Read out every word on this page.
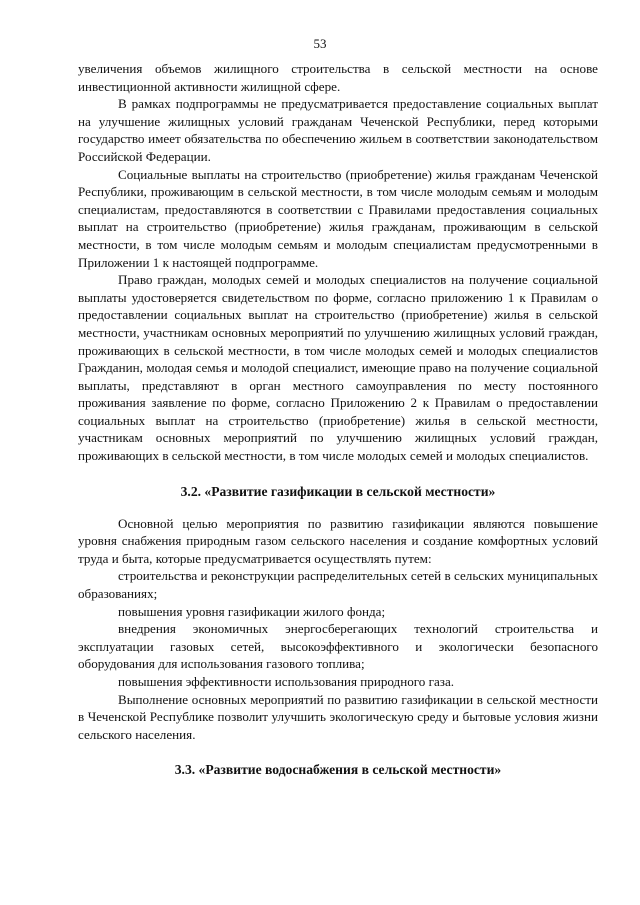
53

увеличения объемов жилищного строительства в сельской местности на основе инвестиционной активности жилищной сфере.

В рамках подпрограммы не предусматривается предоставление социальных выплат на улучшение жилищных условий гражданам Чеченской Республики, перед которыми государство имеет обязательства по обеспечению жильем в соответствии законодательством Российской Федерации.

Социальные выплаты на строительство (приобретение) жилья гражданам Чеченской Республики, проживающим в сельской местности, в том числе молодым семьям и молодым специалистам, предоставляются в соответствии с Правилами предоставления социальных выплат на строительство (приобретение) жилья гражданам, проживающим в сельской местности, в том числе молодым семьям и молодым специалистам предусмотренными в Приложении 1 к настоящей подпрограмме.

Право граждан, молодых семей и молодых специалистов на получение социальной выплаты удостоверяется свидетельством по форме, согласно приложению 1 к Правилам о предоставлении социальных выплат на строительство (приобретение) жилья в сельской местности, участникам основных мероприятий по улучшению жилищных условий граждан, проживающих в сельской местности, в том числе молодых семей и молодых специалистов Гражданин, молодая семья и молодой специалист, имеющие право на получение социальной выплаты, представляют в орган местного самоуправления по месту постоянного проживания заявление по форме, согласно Приложению 2 к Правилам о предоставлении социальных выплат на строительство (приобретение) жилья в сельской местности, участникам основных мероприятий по улучшению жилищных условий граждан, проживающих в сельской местности, в том числе молодых семей и молодых специалистов.

3.2. «Развитие газификации в сельской местности»

Основной целью мероприятия по развитию газификации являются повышение уровня снабжения природным газом сельского населения и создание комфортных условий труда и быта, которые предусматривается осуществлять путем:

строительства и реконструкции распределительных сетей в сельских муниципальных образованиях;

повышения уровня газификации жилого фонда;

внедрения экономичных энергосберегающих технологий строительства и эксплуатации газовых сетей, высокоэффективного и экологически безопасного оборудования для использования газового топлива;

повышения эффективности использования природного газа.

Выполнение основных мероприятий по развитию газификации в сельской местности в Чеченской Республике позволит улучшить экологическую среду и бытовые условия жизни сельского населения.

3.3. «Развитие водоснабжения в сельской местности»
